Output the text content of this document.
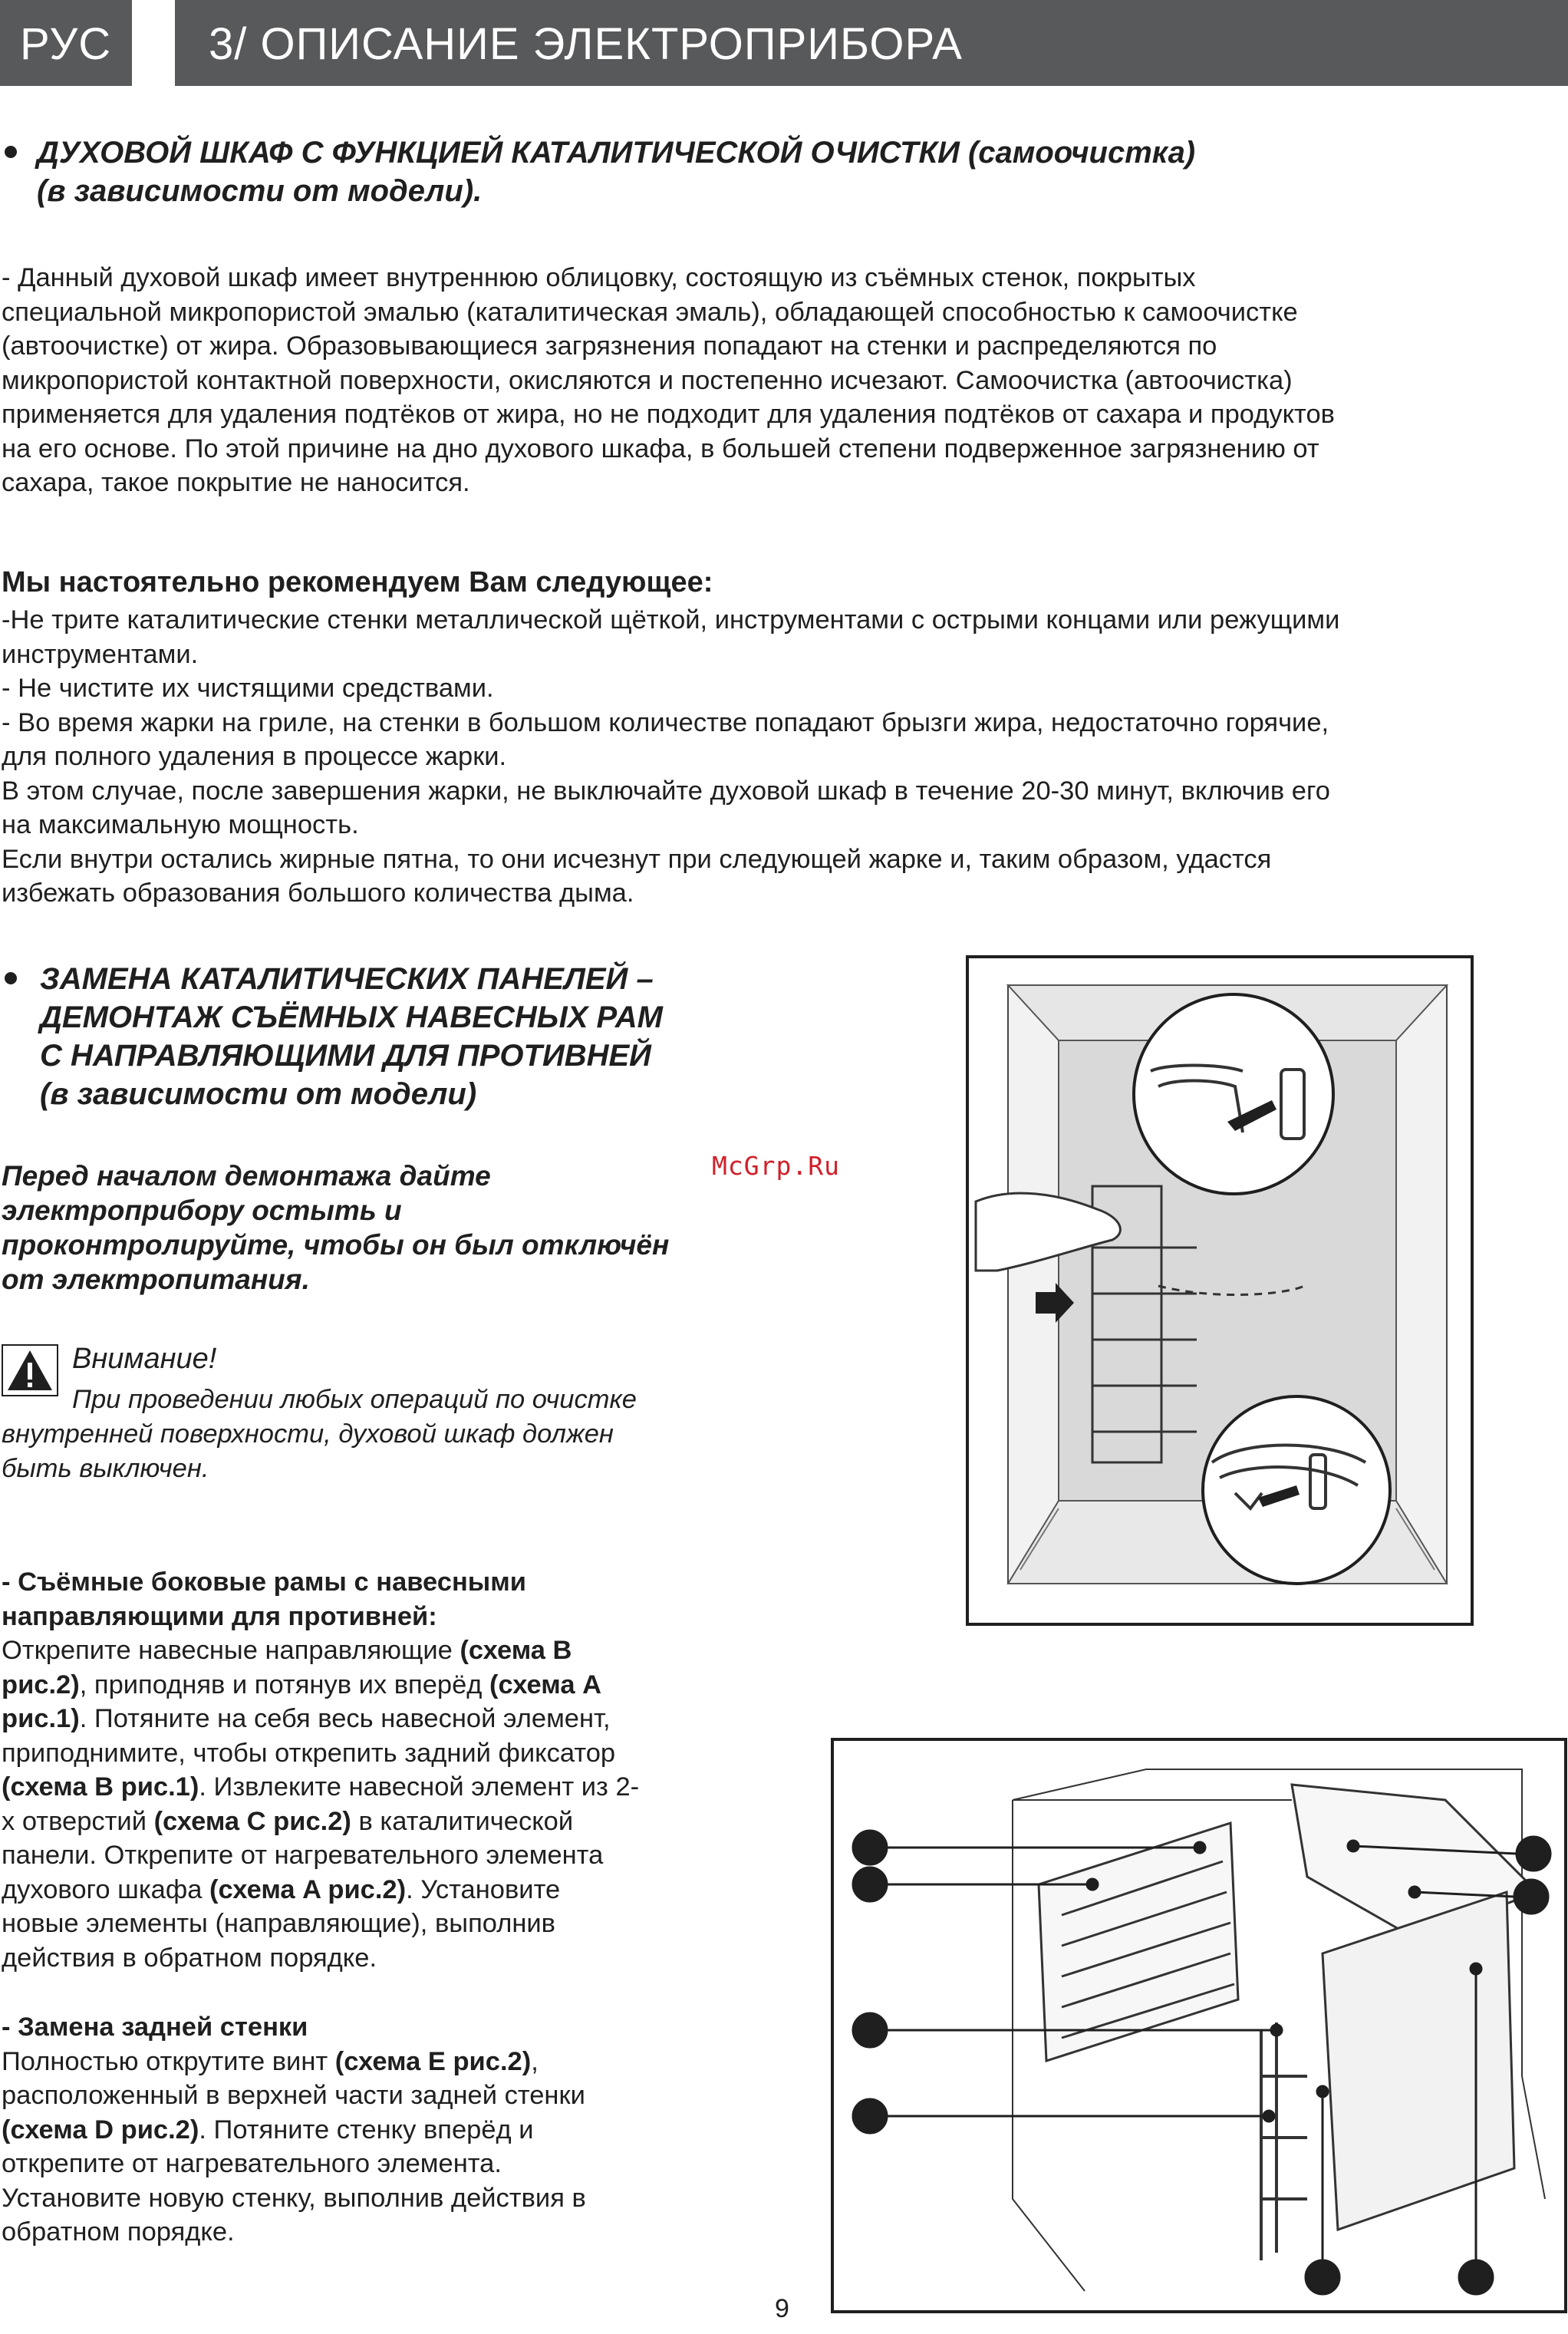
РУС 3/ ОПИСАНИЕ ЭЛЕКТРОПРИБОРА
ДУХОВОЙ ШКАФ С ФУНКЦИЕЙ КАТАЛИТИЧЕСКОЙ ОЧИСТКИ (самоочистка)
(в зависимости от модели).

- Данный духовой шкаф имеет внутреннюю облицовку, состоящую из съёмных стенок, покрытых

специальной микропористой эмалью (каталитическая эмаль), обладающей способностью к самоочистке

(автоочистке) от жира. Образовывающиеся загрязнения попадают на стенки и распределяются по

микропористой контактной поверхности, окисляются и постепенно исчезают. Самоочистка (автоочистка)

применяется для удаления подтёков от жира, но не подходит для удаления подтёков от сахара и продуктов

на его основе. По этой причине на дно духового шкафа, в большей степени подверженное загрязнению от

сахара, такое покрытие не наносится.

Мы настоятельно рекомендуем Вам следующее:

-Не трите каталитические стенки металлической щёткой, инструментами с острыми концами или режущими

инструментами.

- Не чистите их чистящими средствами.

- Во время жарки на гриле, на стенки в большом количестве попадают брызги жира, недостаточно горячие,

для полного удаления в процессе жарки.

В этом случае, после завершения жарки, не выключайте духовой шкаф в течение 20-30 минут, включив его

на максимальную мощность.

Если внутри остались жирные пятна, то они исчезнут при следующей жарке и, таким образом, удастся

избежать образования большого количества дыма.

ЗАМЕНА КАТАЛИТИЧЕСКИХ ПАНЕЛЕЙ –
ДЕМОНТАЖ СЪЁМНЫХ НАВЕСНЫХ РАМ
С НАПРАВЛЯЮЩИМИ ДЛЯ ПРОТИВНЕЙ
(в зависимости от модели)
Перед началом демонтажа дайте
электроприбору остыть и
проконтролируйте, чтобы он был отключён
от электропитания.
McGrp.Ru
Внимание!
При проведении любых операций по очистке
внутренней поверхности, духовой шкаф должен
быть выключен.

- Съёмные боковые рамы с навесными

направляющими для противней:

Открепите навесные направляющие (схема B

рис.2), приподняв и потянув их вперёд (схема A

рис.1). Потяните на себя весь навесной элемент,

приподнимите, чтобы открепить задний фиксатор

(схема B рис.1). Извлеките навесной элемент из 2-

х отверстий (схема C рис.2) в каталитической

панели. Открепите от нагревательного элемента

духового шкафа (схема A рис.2). Установите

новые элементы (направляющие), выполнив

действия в обратном порядке.

- Замена задней стенки

Полностью открутите винт (схема E рис.2),

расположенный в верхней части задней стенки

(схема D рис.2). Потяните стенку вперёд и

открепите от нагревательного элемента.

Установите новую стенку, выполнив действия в

обратном порядке.

9
